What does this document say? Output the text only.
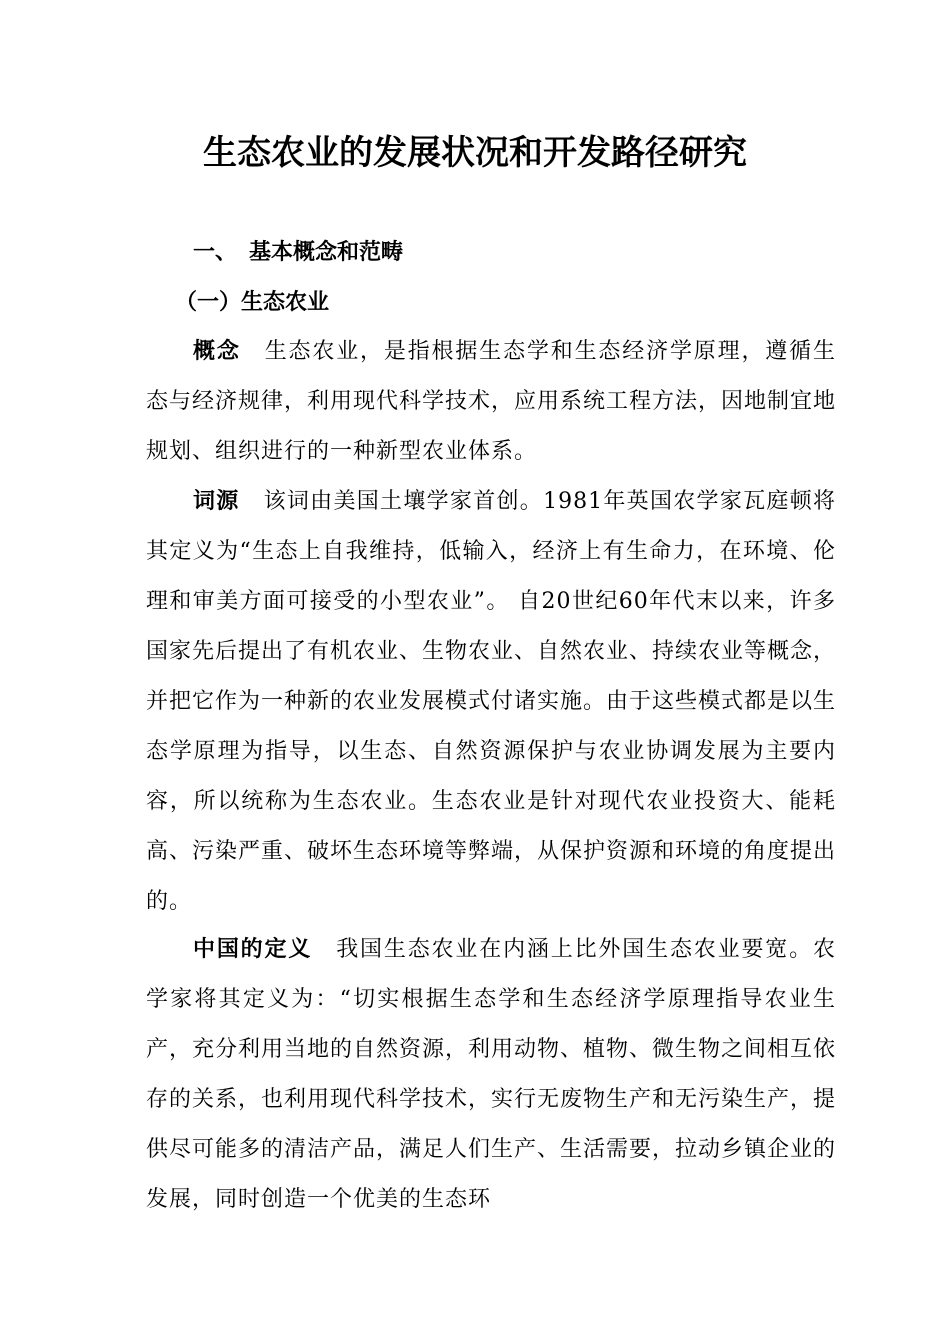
生态农业的发展状况和开发路径研究
一、 基本概念和范畴
（一）生态农业
概念 生态农业，是指根据生态学和生态经济学原理，遵循生态与经济规律，利用现代科学技术，应用系统工程方法，因地制宜地规划、组织进行的一种新型农业体系。
词源 该词由美国土壤学家首创。1981年英国农学家瓦庭顿将其定义为“生态上自我维持，低输入，经济上有生命力，在环境、伦理和审美方面可接受的小型农业”。 自20世纪60年代末以来，许多国家先后提出了有机农业、生物农业、自然农业、持续农业等概念，并把它作为一种新的农业发展模式付诸实施。由于这些模式都是以生态学原理为指导，以生态、自然资源保护与农业协调发展为主要内容，所以统称为生态农业。生态农业是针对现代农业投资大、能耗高、污染严重、破坏生态环境等弊端，从保护资源和环境的角度提出的。
中国的定义 我国生态农业在内涵上比外国生态农业要宽。农学家将其定义为：“切实根据生态学和生态经济学原理指导农业生产，充分利用当地的自然资源，利用动物、植物、微生物之间相互依存的关系，也利用现代科学技术，实行无废物生产和无污染生产，提供尽可能多的清洁产品，满足人们生产、生活需要，拉动乡镇企业的发展，同时创造一个优美的生态环
